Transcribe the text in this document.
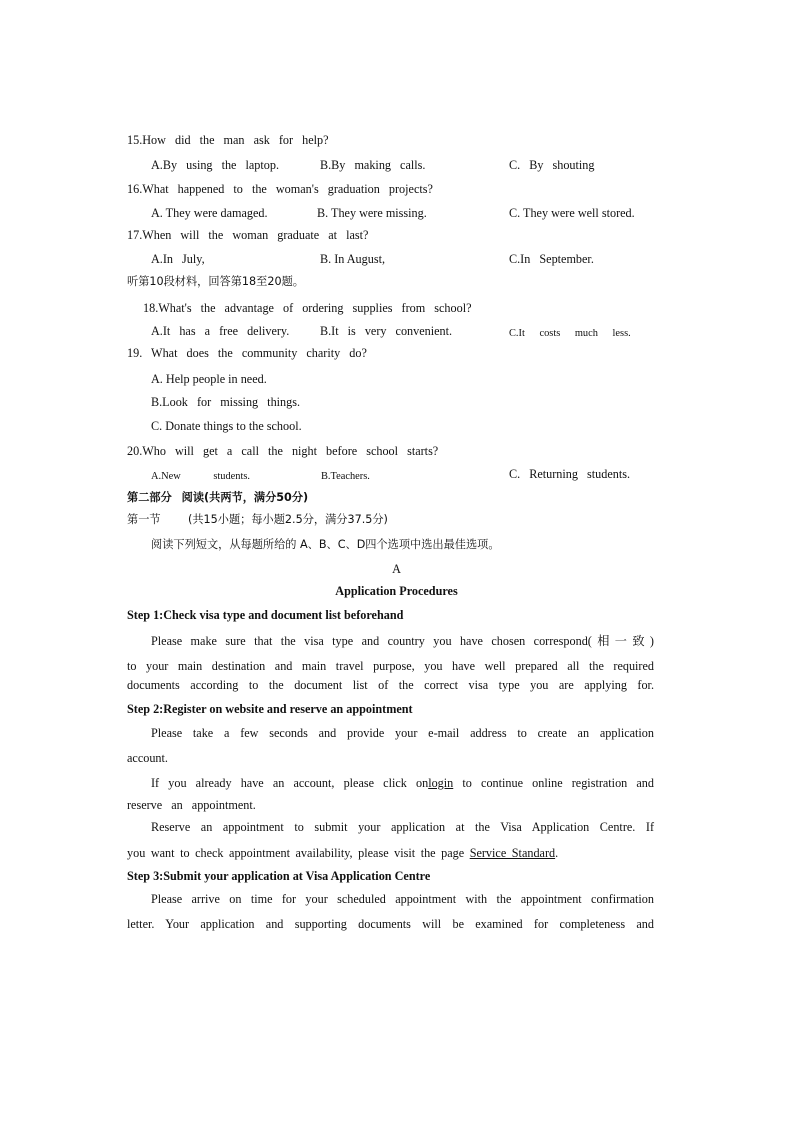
15.How did the man ask for help?
A.By using the laptop.	B.By making calls.	C. By shouting
16.What happened to the woman's graduation projects?
A. They were damaged.	B. They were missing.	C. They were well stored.
17.When will the woman graduate at last?
A.In July,	B. In August,	C.In September.
听第10段材料，回答第18至20题。
18.What's the advantage of ordering supplies from school?
A.It has a free delivery.	B.It is very convenient.	C.It costs much less.
19. What does the community charity do?
A. Help people in need.
B.Look for missing things.
C. Donate things to the school.
20.Who will get a call the night before school starts?
A.New students.	B.Teachers.	C. Returning students.
第二部分 阅读(共两节，满分50分)
第一节 (共15小题；每小题2.5分，满分37.5分)
阅读下列短文，从每题所给的 A、B、C、D四个选项中选出最佳选项。
A
Application Procedures
Step 1:Check visa type and document list beforehand
Please make sure that the visa type and country you have chosen correspond(相一致)
to your main destination and main travel purpose, you have well prepared all the required
documents according to the document list of the correct visa type you are applying for.
Step 2:Register on website and reserve an appointment
Please take a few seconds and provide your e-mail address to create an application
account.
If you already have an account, please click onlogin to continue online registration and
reserve an appointment.
Reserve an appointment to submit your application at the Visa Application Centre. If
you want to check appointment availability, please visit the page Service Standard.
Step 3:Submit your application at Visa Application Centre
Please arrive on time for your scheduled appointment with the appointment confirmation
letter. Your application and supporting documents will be examined for completeness and
